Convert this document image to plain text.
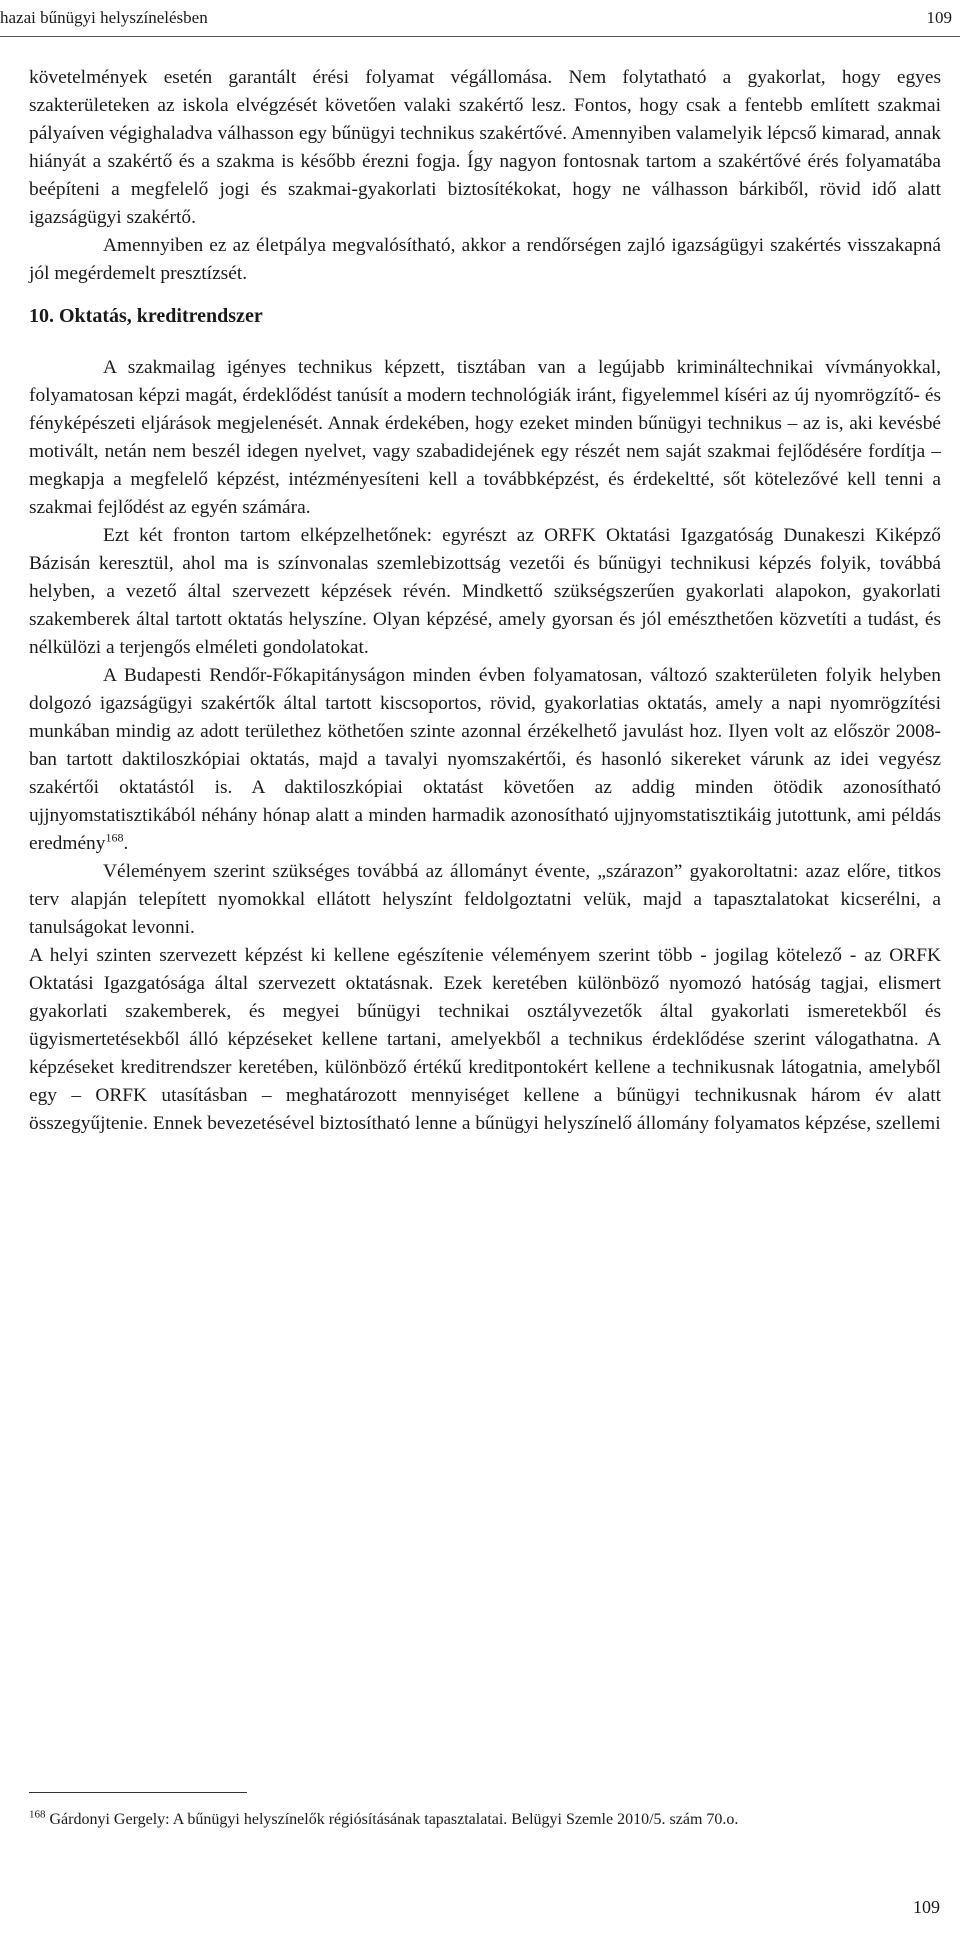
hazai bűnügyi helyszínelésben	109

követelmények esetén garantált érési folyamat végállomása. Nem folytatható a gyakorlat, hogy egyes szakterületeken az iskola elvégzését követően valaki szakértő lesz. Fontos, hogy csak a fentebb említett szakmai pályaíven végighaladva válhasson egy bűnügyi technikus szakértővé. Amennyiben valamelyik lépcső kimarad, annak hiányát a szakértő és a szakma is később érezni fogja. Így nagyon fontosnak tartom a szakértővé érés folyamatába beépíteni a megfelelő jogi és szakmai-gyakorlati biztosítékokat, hogy ne válhasson bárkiből, rövid idő alatt igazságügyi szakértő.

Amennyiben ez az életpálya megvalósítható, akkor a rendőrségen zajló igazságügyi szakértés visszakapná jól megérdemelt presztízsét.

10. Oktatás, kreditrendszer

A szakmailag igényes technikus képzett, tisztában van a legújabb krimináltechnikai vívmányokkal, folyamatosan képzi magát, érdeklődést tanúsít a modern technológiák iránt, figyelemmel kíséri az új nyomrögzítő- és fényképészeti eljárások megjelenését. Annak érdekében, hogy ezeket minden bűnügyi technikus – az is, aki kevésbé motivált, netán nem beszél idegen nyelvet, vagy szabadidejének egy részét nem saját szakmai fejlődésére fordítja – megkapja a megfelelő képzést, intézményesíteni kell a továbbképzést, és érdekeltté, sőt kötelezővé kell tenni a szakmai fejlődést az egyén számára.

Ezt két fronton tartom elképzelhetőnek: egyrészt az ORFK Oktatási Igazgatóság Dunakeszi Kiképző Bázisán keresztül, ahol ma is színvonalas szemlebizottság vezetői és bűnügyi technikusi képzés folyik, továbbá helyben, a vezető által szervezett képzések révén. Mindkettő szükségszerűen gyakorlati alapokon, gyakorlati szakemberek által tartott oktatás helyszíne. Olyan képzésé, amely gyorsan és jól emészthetően közvetíti a tudást, és nélkülözi a terjengős elméleti gondolatokat.

A Budapesti Rendőr-Főkapitányságon minden évben folyamatosan, változó szakterületen folyik helyben dolgozó igazságügyi szakértők által tartott kiscsoportos, rövid, gyakorlatias oktatás, amely a napi nyomrögzítési munkában mindig az adott területhez köthetően szinte azonnal érzékelhető javulást hoz. Ilyen volt az először 2008-ban tartott daktiloszkópiai oktatás, majd a tavalyi nyomszakértői, és hasonló sikereket várunk az idei vegyész szakértői oktatástól is. A daktiloszkópiai oktatást követően az addig minden ötödik azonosítható ujjnyomstatisztikából néhány hónap alatt a minden harmadik azonosítható ujjnyomstatisztikáig jutottunk, ami példás eredmény$^{168}$.

Véleményem szerint szükséges továbbá az állományt évente, „szárazon” gyakoroltatni: azaz előre, titkos terv alapján telepített nyomokkal ellátott helyszínt feldolgoztatni velük, majd a tapasztalatokat kicserélni, a tanulságokat levonni.

A helyi szinten szervezett képzést ki kellene egészítenie véleményem szerint több - jogilag kötelező - az ORFK Oktatási Igazgatósága által szervezett oktatásnak. Ezek keretében különböző nyomozó hatóság tagjai, elismert gyakorlati szakemberek, és megyei bűnügyi technikai osztályvezetők által gyakorlati ismeretekből és ügyismertetésekből álló képzéseket kellene tartani, amelyekből a technikus érdeklődése szerint válogathatna. A képzéseket kreditrendszer keretében, különböző értékű kreditpontokért kellene a technikusnak látogatnia, amelyből egy – ORFK utasításban – meghatározott mennyiséget kellene a bűnügyi technikusnak három év alatt összegyűjtenie. Ennek bevezetésével biztosítható lenne a bűnügyi helyszínelő állomány folyamatos képzése, szellemi

$^{168}$ Gárdonyi Gergely: A bűnügyi helyszínelők régiósításának tapasztalatai. Belügyi Szemle 2010/5. szám 70.o.
109
